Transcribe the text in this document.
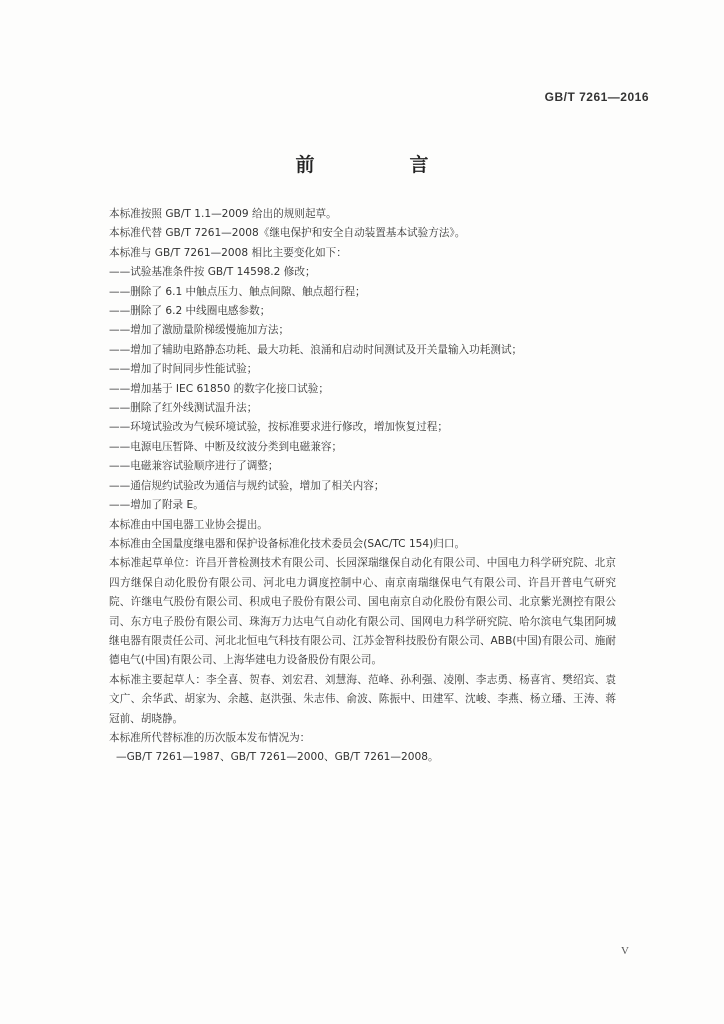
GB/T 7261—2016
前　言

本标准按照 GB/T 1.1—2009 给出的规则起草。

本标准代替 GB/T 7261—2008《继电保护和安全自动装置基本试验方法》。

本标准与 GB/T 7261—2008 相比主要变化如下：

——试验基准条件按 GB/T 14598.2 修改；

——删除了 6.1 中触点压力、触点间隙、触点超行程；

——删除了 6.2 中线圈电感参数；

——增加了激励量阶梯缓慢施加方法；

——增加了辅助电路静态功耗、最大功耗、浪涌和启动时间测试及开关量输入功耗测试；

——增加了时间同步性能试验；

——增加基于 IEC 61850 的数字化接口试验；

——删除了红外线测试温升法；

——环境试验改为气候环境试验，按标准要求进行修改，增加恢复过程；

——电源电压暂降、中断及纹波分类到电磁兼容；

——电磁兼容试验顺序进行了调整；

——通信规约试验改为通信与规约试验，增加了相关内容；

——增加了附录 E。

本标准由中国电器工业协会提出。

本标准由全国量度继电器和保护设备标准化技术委员会(SAC/TC 154)归口。

本标准起草单位：许昌开普检测技术有限公司、长园深瑞继保自动化有限公司、中国电力科学研究院、北京四方继保自动化股份有限公司、河北电力调度控制中心、南京南瑞继保电气有限公司、许昌开普电气研究院、许继电气股份有限公司、积成电子股份有限公司、国电南京自动化股份有限公司、北京紫光测控有限公司、东方电子股份有限公司、珠海万力达电气自动化有限公司、国网电力科学研究院、哈尔滨电气集团阿城继电器有限责任公司、河北北恒电气科技有限公司、江苏金智科技股份有限公司、ABB(中国)有限公司、施耐德电气(中国)有限公司、上海华建电力设备股份有限公司。

本标准主要起草人：李全喜、贺春、刘宏君、刘慧海、范峰、孙利强、凌刚、李志勇、杨喜宵、樊绍宾、袁文广、余华武、胡家为、余越、赵洪强、朱志伟、俞波、陈振中、田建军、沈峻、李燕、杨立璠、王涛、蒋冠前、胡晓静。

本标准所代替标准的历次版本发布情况为：

—GB/T 7261—1987、GB/T 7261—2000、GB/T 7261—2008。

V
